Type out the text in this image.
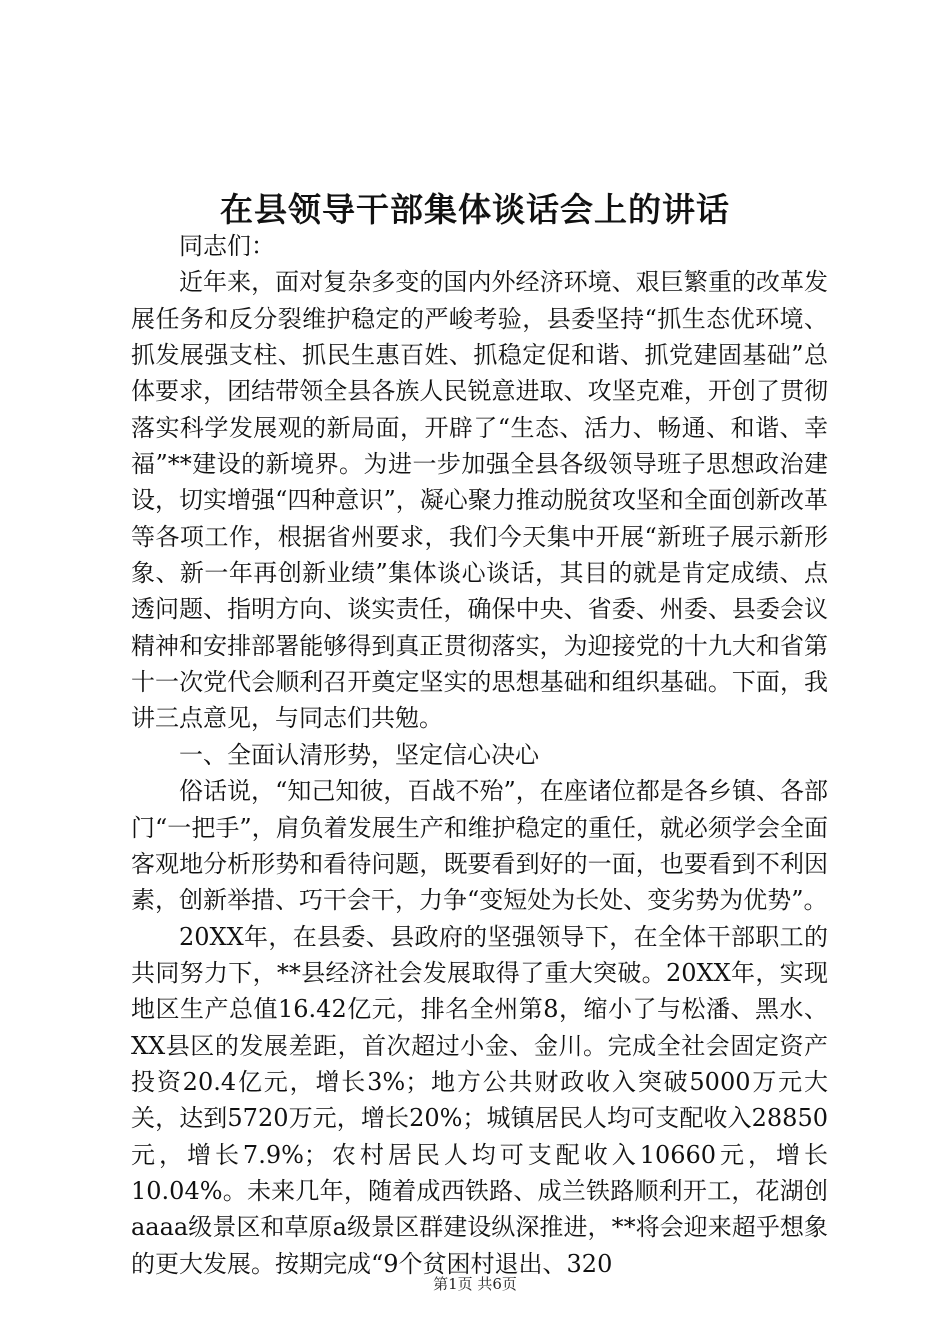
在县领导干部集体谈话会上的讲话

同志们：

近年来，面对复杂多变的国内外经济环境、艰巨繁重的改革发展任务和反分裂维护稳定的严峻考验，县委坚持“抓生态优环境、抓发展强支柱、抓民生惠百姓、抓稳定促和谐、抓党建固基础”总体要求，团结带领全县各族人民锐意进取、攻坚克难，开创了贯彻落实科学发展观的新局面，开辟了“生态、活力、畅通、和谐、幸福”**建设的新境界。为进一步加强全县各级领导班子思想政治建设，切实增强“四种意识”，凝心聚力推动脱贫攻坚和全面创新改革等各项工作，根据省州要求，我们今天集中开展“新班子展示新形象、新一年再创新业绩”集体谈心谈话，其目的就是肯定成绩、点透问题、指明方向、谈实责任，确保中央、省委、州委、县委会议精神和安排部署能够得到真正贯彻落实，为迎接党的十九大和省第十一次党代会顺利召开奠定坚实的思想基础和组织基础。下面，我讲三点意见，与同志们共勉。

一、全面认清形势，坚定信心决心

俗话说，“知己知彼，百战不殆”，在座诸位都是各乡镇、各部门“一把手”，肩负着发展生产和维护稳定的重任，就必须学会全面客观地分析形势和看待问题，既要看到好的一面，也要看到不利因素，创新举措、巧干会干，力争“变短处为长处、变劣势为优势”。

20XX年，在县委、县政府的坚强领导下，在全体干部职工的共同努力下，**县经济社会发展取得了重大突破。20XX年，实现地区生产总值16.42亿元，排名全州第8，缩小了与松潘、黑水、XX县区的发展差距，首次超过小金、金川。完成全社会固定资产投资20.4亿元，增长3%；地方公共财政收入突破5000万元大关，达到5720万元，增长20%；城镇居民人均可支配收入28850元，增长7.9%；农村居民人均可支配收入10660元，增长10.04%。未来几年，随着成西铁路、成兰铁路顺利开工，花湖创aaaa级景区和草原a级景区群建设纵深推进，**将会迎来超乎想象的更大发展。按期完成“9个贫困村退出、320

第1页 共6页
